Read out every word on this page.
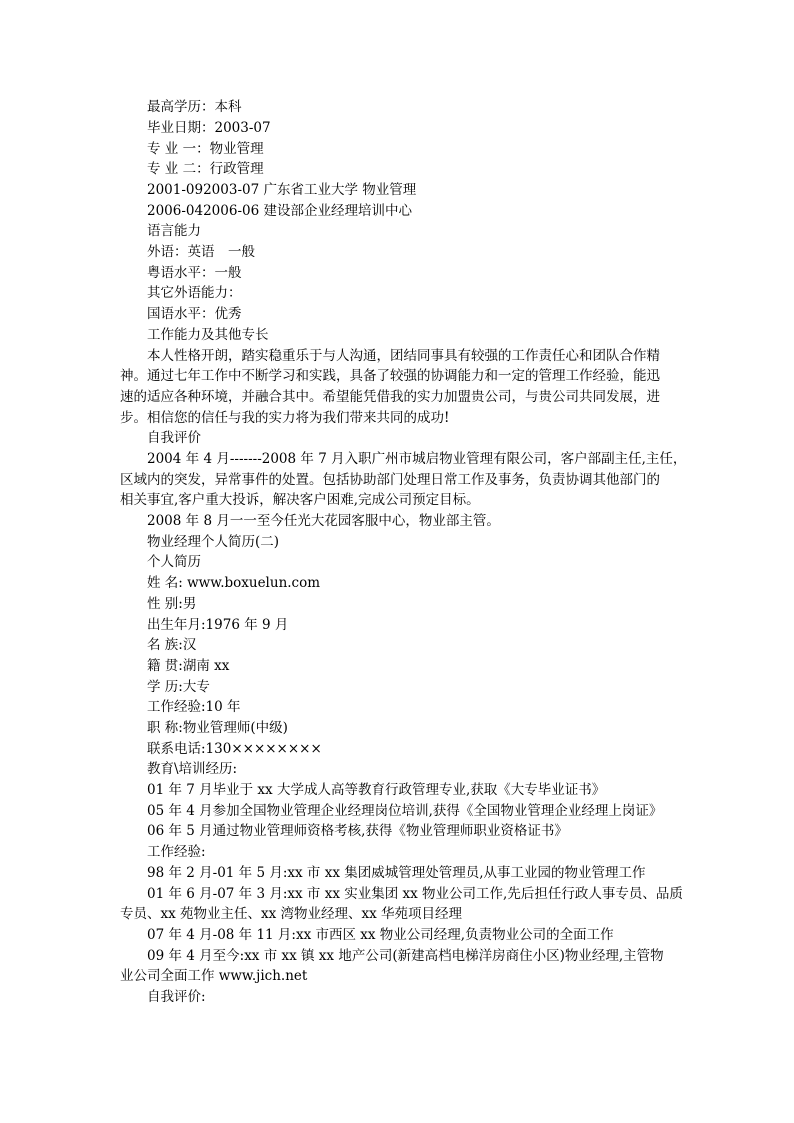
最高学历：本科

毕业日期：2003-07

专 业 一：物业管理

专 业 二：行政管理

2001-092003-07 广东省工业大学 物业管理

2006-042006-06 建设部企业经理培训中心

语言能力

外语：英语　一般

粤语水平：一般

其它外语能力：

国语水平：优秀

工作能力及其他专长

本人性格开朗，踏实稳重乐于与人沟通，团结同事具有较强的工作责任心和团队合作精

神。通过七年工作中不断学习和实践，具备了较强的协调能力和一定的管理工作经验，能迅

速的适应各种环境，并融合其中。希望能凭借我的实力加盟贵公司，与贵公司共同发展，进

步。相信您的信任与我的实力将为我们带来共同的成功!

自我评价

2004 年 4 月-------2008 年 7 月入职广州市城启物业管理有限公司，客户部副主任,主任，

区域内的突发，异常事件的处置。包括协助部门处理日常工作及事务，负责协调其他部门的

相关事宜,客户重大投诉，解决客户困难,完成公司预定目标。

2008 年 8 月一一至今任光大花园客服中心，物业部主管。

物业经理个人简历(二)

个人简历

姓 名: www.boxuelun.com

性 别:男

出生年月:1976 年 9 月

名 族:汉

籍 贯:湖南 xx

学 历:大专

工作经验:10 年

职 称:物业管理师(中级)

联系电话:130××××××××

教育\培训经历:

01 年 7 月毕业于 xx 大学成人高等教育行政管理专业,获取《大专毕业证书》

05 年 4 月参加全国物业管理企业经理岗位培训,获得《全国物业管理企业经理上岗证》

06 年 5 月通过物业管理师资格考核,获得《物业管理师职业资格证书》

工作经验:

98 年 2 月-01 年 5 月:xx 市 xx 集团威城管理处管理员,从事工业园的物业管理工作

01 年 6 月-07 年 3 月:xx 市 xx 实业集团 xx 物业公司工作,先后担任行政人事专员、品质

专员、xx 苑物业主任、xx 湾物业经理、xx 华苑项目经理

07 年 4 月-08 年 11 月:xx 市西区 xx 物业公司经理,负责物业公司的全面工作

09 年 4 月至今:xx 市 xx 镇 xx 地产公司(新建高档电梯洋房商住小区)物业经理,主管物

业公司全面工作 www.jich.net

自我评价:
